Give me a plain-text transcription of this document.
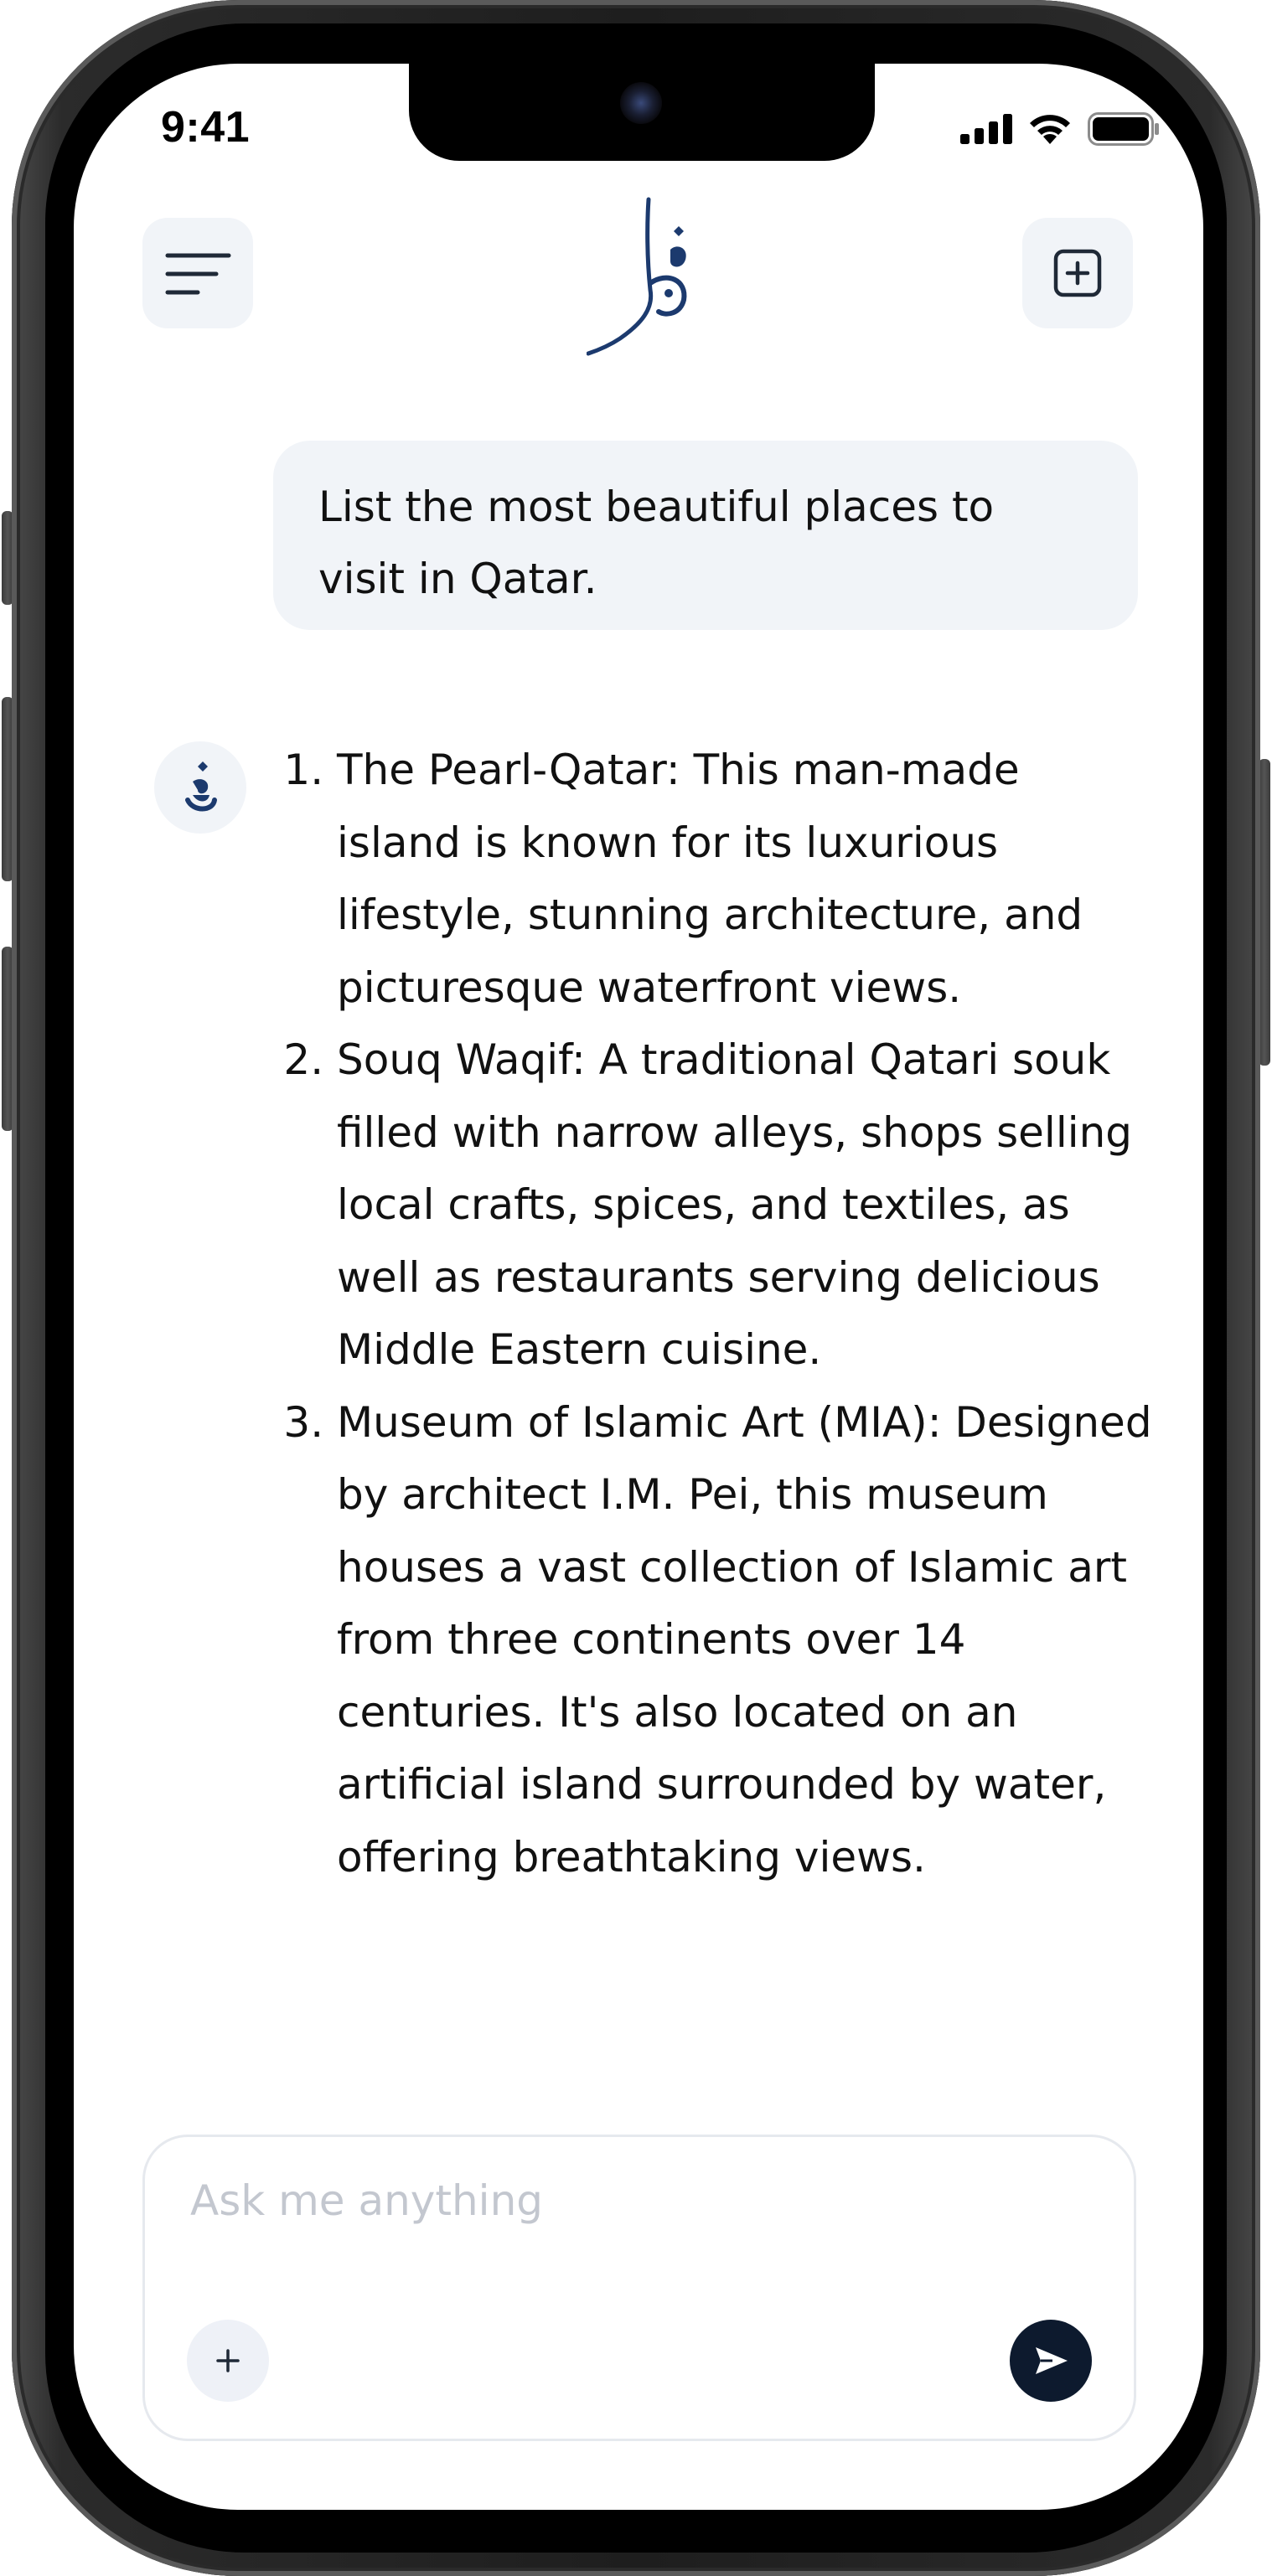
9:41
List the most beautiful places to visit in Qatar.
1. The Pearl-Qatar: This man-made island is known for its luxurious lifestyle, stunning architecture, and picturesque waterfront views.
2. Souq Waqif: A traditional Qatari souk filled with narrow alleys, shops selling local crafts, spices, and textiles, as well as restaurants serving delicious Middle Eastern cuisine.
3. Museum of Islamic Art (MIA): Designed by architect I.M. Pei, this museum houses a vast collection of Islamic art from three continents over 14 centuries. It's also located on an artificial island surrounded by water, offering breathtaking views.
Ask me anything
